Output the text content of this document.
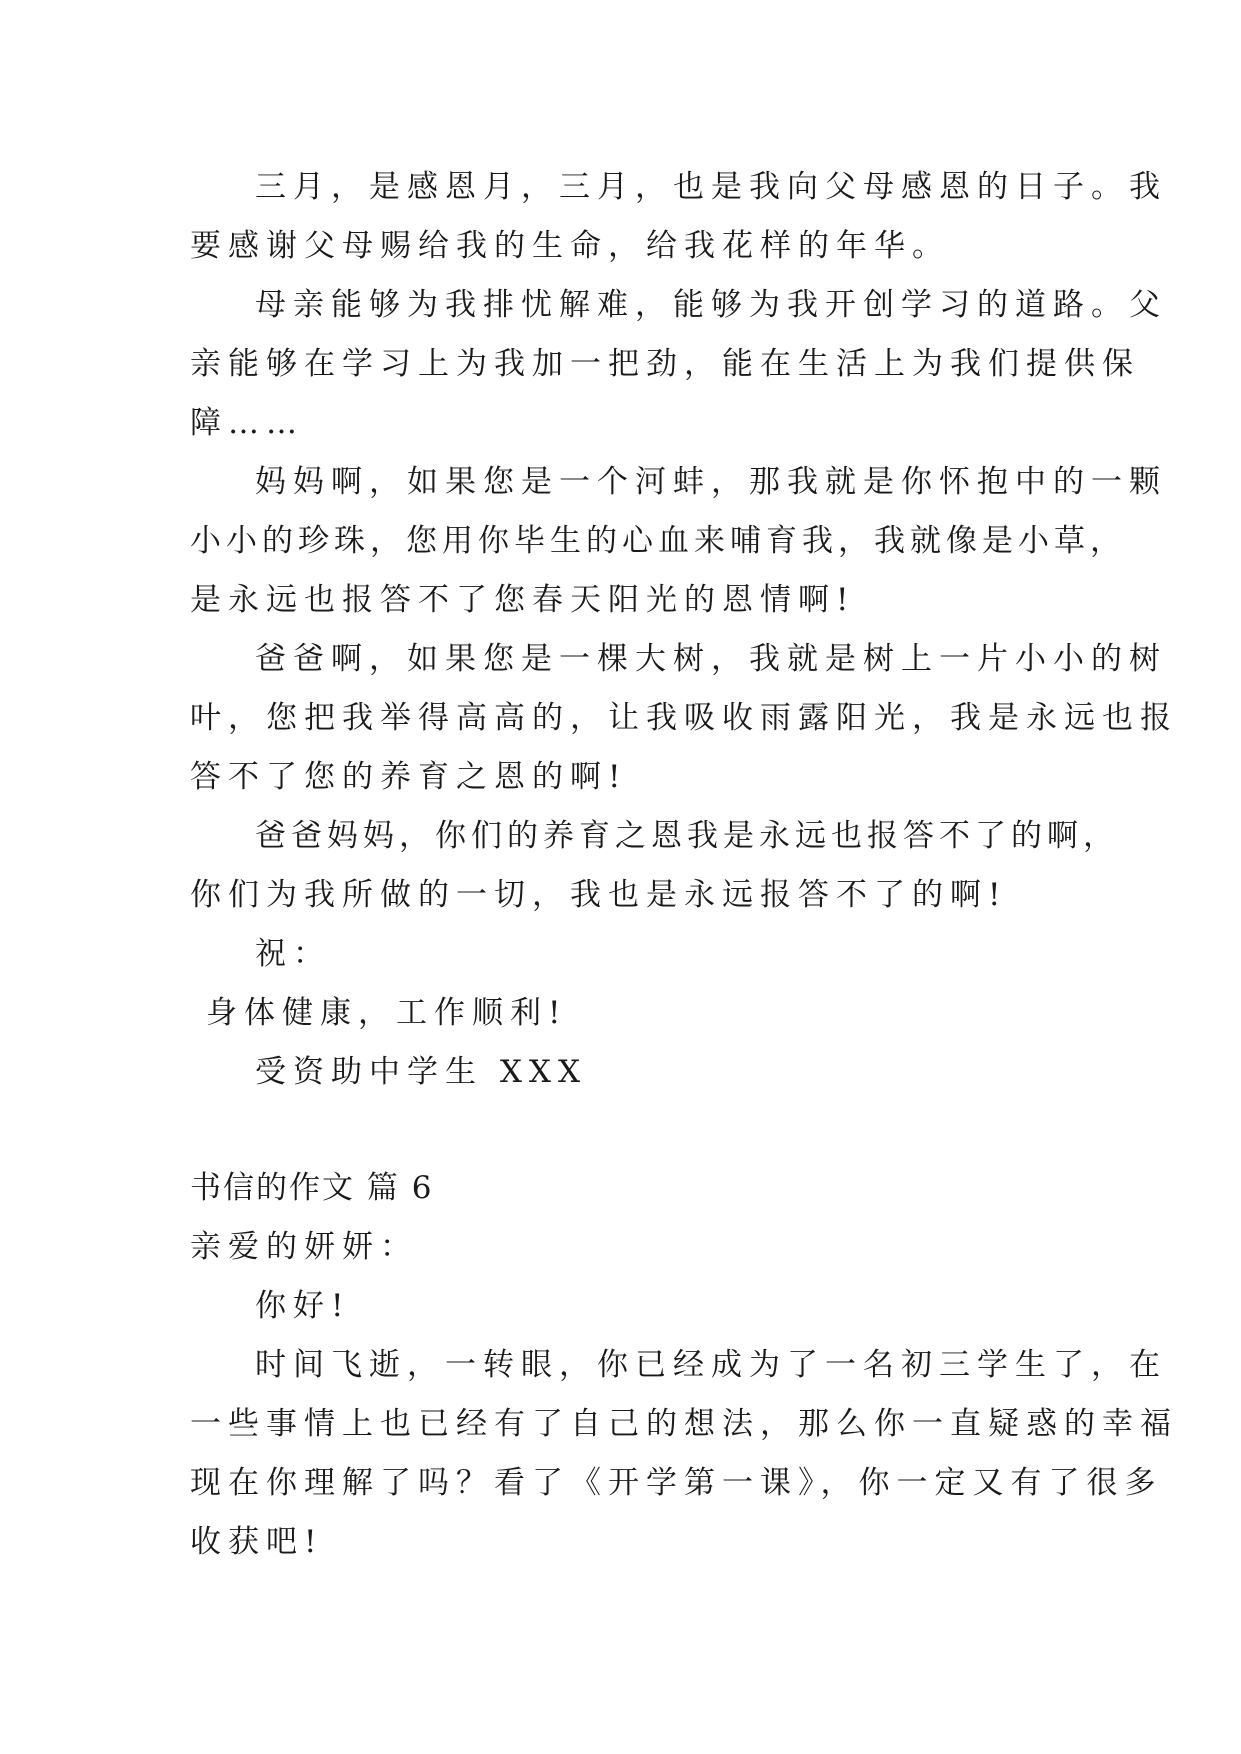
三月，是感恩月，三月，也是我向父母感恩的日子。我
要感谢父母赐给我的生命，给我花样的年华。
母亲能够为我排忧解难，能够为我开创学习的道路。父
亲能够在学习上为我加一把劲，能在生活上为我们提供保
障……
妈妈啊，如果您是一个河蚌，那我就是你怀抱中的一颗
小小的珍珠，您用你毕生的心血来哺育我，我就像是小草，
是永远也报答不了您春天阳光的恩情啊!
爸爸啊，如果您是一棵大树，我就是树上一片小小的树
叶，您把我举得高高的，让我吸收雨露阳光，我是永远也报
答不了您的养育之恩的啊!
爸爸妈妈，你们的养育之恩我是永远也报答不了的啊，
你们为我所做的一切，我也是永远报答不了的啊!
祝：
身体健康，工作顺利!
受资助中学生 XXX
书信的作文 篇 6
亲爱的妍妍：
你好!
时间飞逝，一转眼，你已经成为了一名初三学生了，在
一些事情上也已经有了自己的想法，那么你一直疑惑的幸福
现在你理解了吗？看了《开学第一课》，你一定又有了很多
收获吧!
